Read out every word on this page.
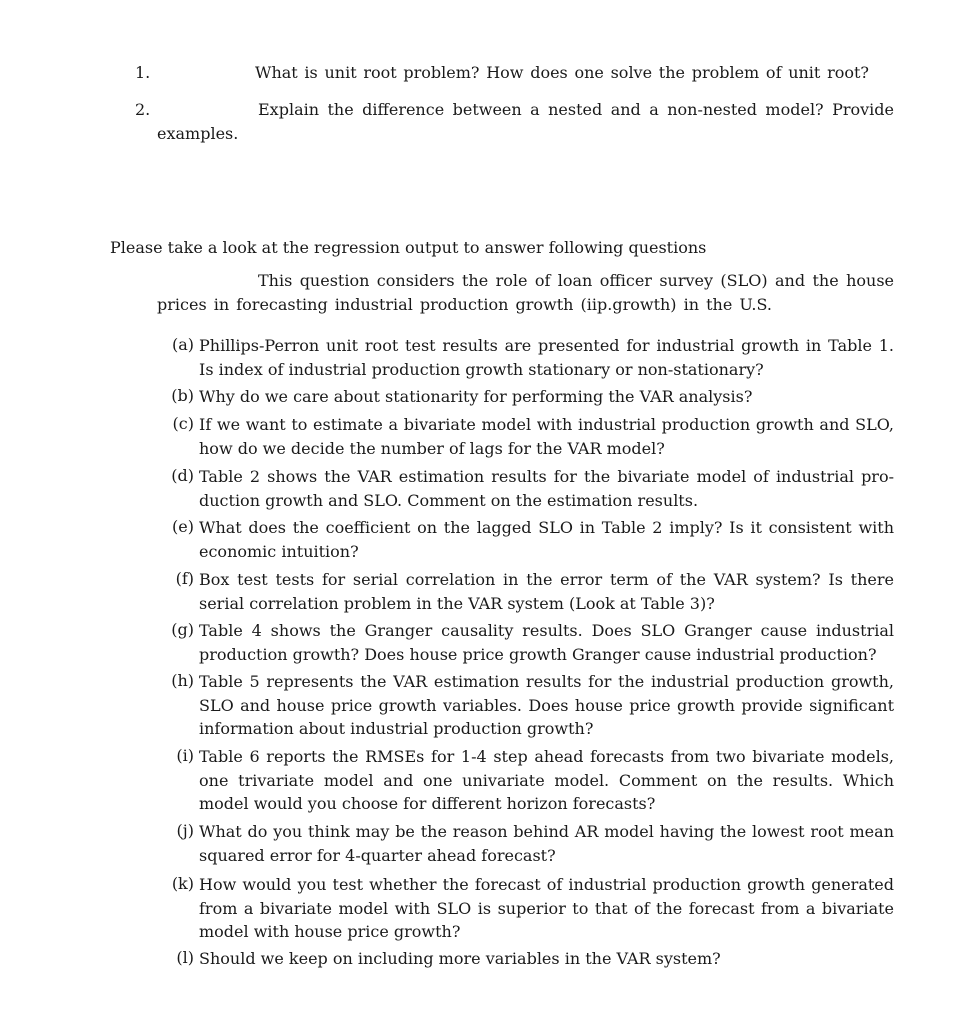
1.	What is unit root problem? How does one solve the problem of unit root?
2.	Explain the difference between a nested and a non-nested model? Provide
examples.
Please take a look at the regression output to answer following questions
This question considers the role of loan officer survey (SLO) and the house
prices in forecasting industrial production growth (iip.growth) in the U.S.
(a) Phillips-Perron unit root test results are presented for industrial growth in Table 1.
Is index of industrial production growth stationary or non-stationary?
(b) Why do we care about stationarity for performing the VAR analysis?
(c) If we want to estimate a bivariate model with industrial production growth and SLO,
how do we decide the number of lags for the VAR model?
(d) Table 2 shows the VAR estimation results for the bivariate model of industrial pro-
duction growth and SLO. Comment on the estimation results.
(e) What does the coefficient on the lagged SLO in Table 2 imply? Is it consistent with
economic intuition?
(f) Box test tests for serial correlation in the error term of the VAR system? Is there
serial correlation problem in the VAR system (Look at Table 3)?
(g) Table 4 shows the Granger causality results. Does SLO Granger cause industrial
production growth? Does house price growth Granger cause industrial production?
(h) Table 5 represents the VAR estimation results for the industrial production growth,
SLO and house price growth variables. Does house price growth provide significant
information about industrial production growth?
(i) Table 6 reports the RMSEs for 1-4 step ahead forecasts from two bivariate models,
one trivariate model and one univariate model. Comment on the results. Which
model would you choose for different horizon forecasts?
(j) What do you think may be the reason behind AR model having the lowest root mean
squared error for 4-quarter ahead forecast?
(k) How would you test whether the forecast of industrial production growth generated
from a bivariate model with SLO is superior to that of the forecast from a bivariate
model with house price growth?
(l) Should we keep on including more variables in the VAR system?
